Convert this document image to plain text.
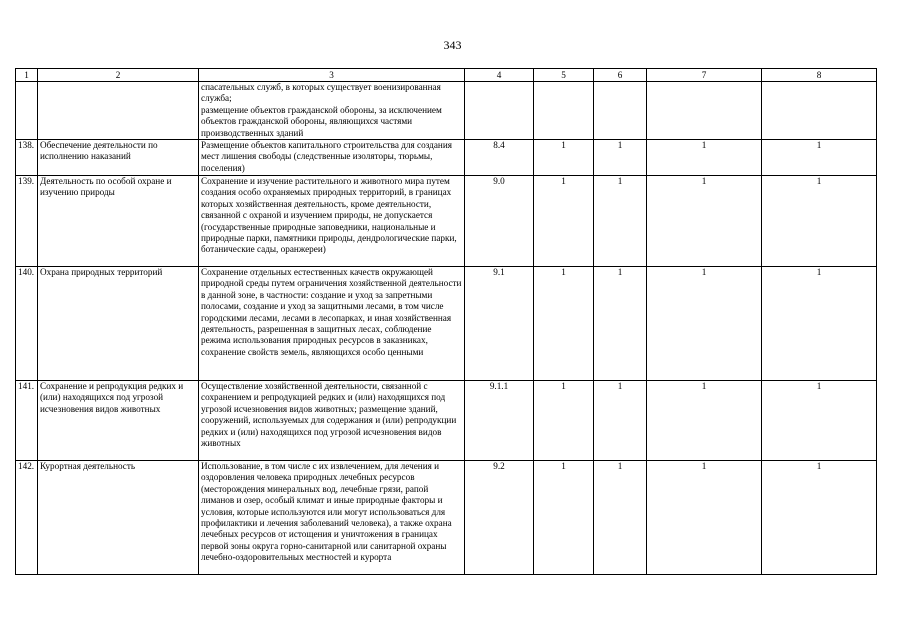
343
1	2	3	4	5	6	7	8
		спасательных служб, в которых существует военизированная служба;
размещение объектов гражданской обороны, за исключением объектов гражданской обороны, являющихся частями производственных зданий					
138.	Обеспечение деятельности по исполнению наказаний	Размещение объектов капитального строительства для создания мест лишения свободы (следственные изоляторы, тюрьмы, поселения)	8.4	1	1	1	1
139.	Деятельность по особой охране и изучению природы	Сохранение и изучение растительного и животного мира путем создания особо охраняемых природных территорий, в границах которых хозяйственная деятельность, кроме деятельности, связанной с охраной и изучением природы, не допускается (государственные природные заповедники, национальные и природные парки, памятники природы, дендрологические парки, ботанические сады, оранжереи)	9.0	1	1	1	1
140.	Охрана природных территорий	Сохранение отдельных естественных качеств окружающей природной среды путем ограничения хозяйственной деятельности в данной зоне, в частности: создание и уход за запретными полосами, создание и уход за защитными лесами, в том числе городскими лесами, лесами в лесопарках, и иная хозяйственная деятельность, разрешенная в защитных лесах, соблюдение режима использования природных ресурсов в заказниках, сохранение свойств земель, являющихся особо ценными	9.1	1	1	1	1
141.	Сохранение и репродукция редких и (или) находящихся под угрозой исчезновения видов животных	Осуществление хозяйственной деятельности, связанной с сохранением и репродукцией редких и (или) находящихся под угрозой исчезновения видов животных; размещение зданий, сооружений, используемых для содержания и (или) репродукции редких и (или) находящихся под угрозой исчезновения видов животных	9.1.1	1	1	1	1
142.	Курортная деятельность	Использование, в том числе с их извлечением, для лечения и оздоровления человека природных лечебных ресурсов (месторождения минеральных вод, лечебные грязи, рапой лиманов и озер, особый климат и иные природные факторы и условия, которые используются или могут использоваться для профилактики и лечения заболеваний человека), а также охрана лечебных ресурсов от истощения и уничтожения в границах первой зоны округа горно-санитарной или санитарной охраны лечебно-оздоровительных местностей и курорта	9.2	1	1	1	1
